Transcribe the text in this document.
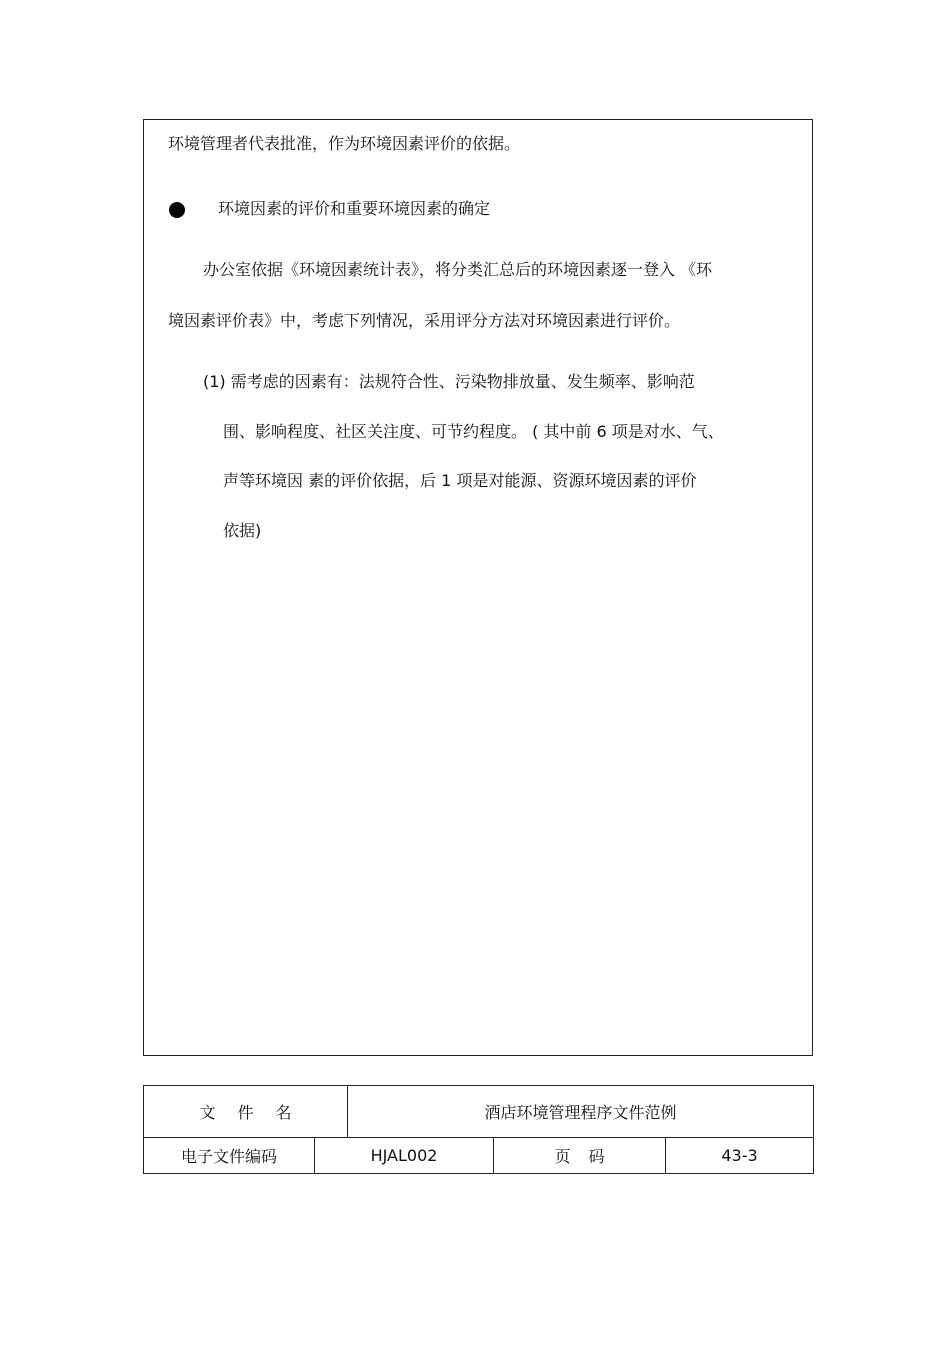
环境管理者代表批准，作为环境因素评价的依据。
环境因素的评价和重要环境因素的确定
办公室依据《环境因素统计表》，将分类汇总后的环境因素逐一登入 《环
境因素评价表》中，考虑下列情况，采用评分方法对环境因素进行评价。
(1) 需考虑的因素有：法规符合性、污染物排放量、发生频率、影响范
围、影响程度、社区关注度、可节约程度。 ( 其中前 6 项是对水、气、
声等环境因 素的评价依据，后 1 项是对能源、资源环境因素的评价
依据)
文件名	酒店环境管理程序文件范例
电子文件编码	HJAL002	页码	43-3
